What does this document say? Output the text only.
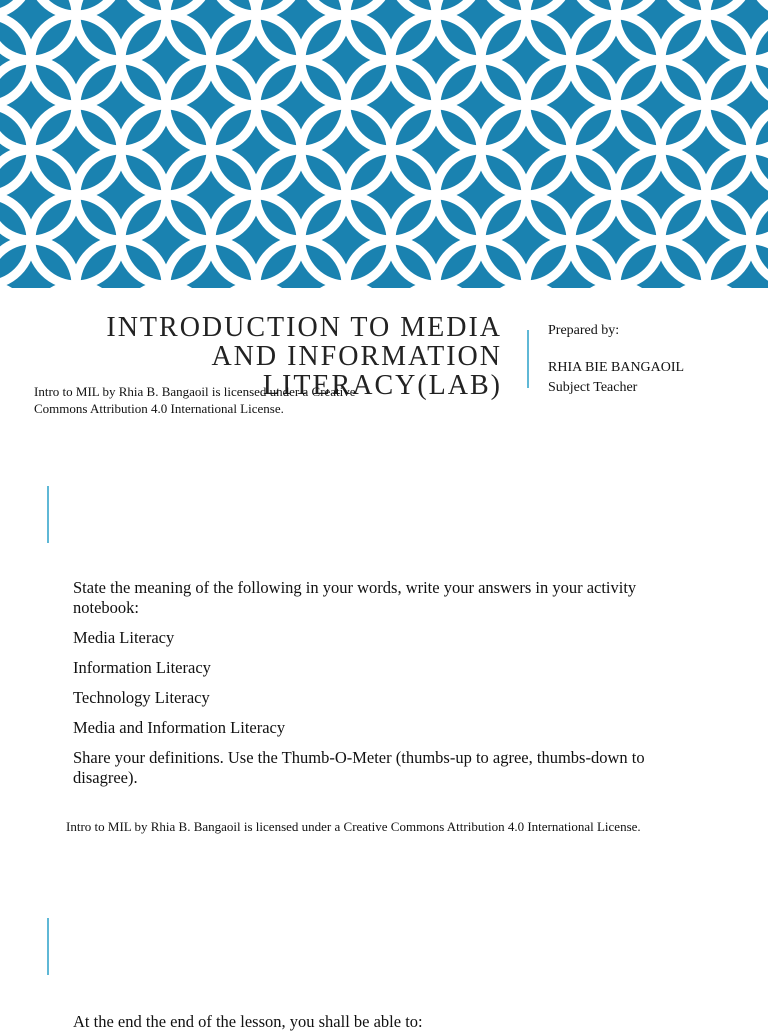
INTRODUCTION TO MEDIA AND INFORMATION LITERACY(LAB)
Intro to MIL by Rhia B. Bangaoil is licensed under a Creative Commons Attribution 4.0 International License.
Prepared by:
RHIA BIE BANGAOIL
Subject Teacher

State the meaning of the following in your words, write your answers in your activity notebook:

Media Literacy

Information Literacy

Technology Literacy

Media and Information Literacy

Share your definitions. Use the Thumb-O-Meter (thumbs-up to agree, thumbs-down to disagree).

Intro to MIL by Rhia B. Bangaoil is licensed under a Creative Commons Attribution 4.0 International License.
At the end the end of the lesson, you shall be able to:
